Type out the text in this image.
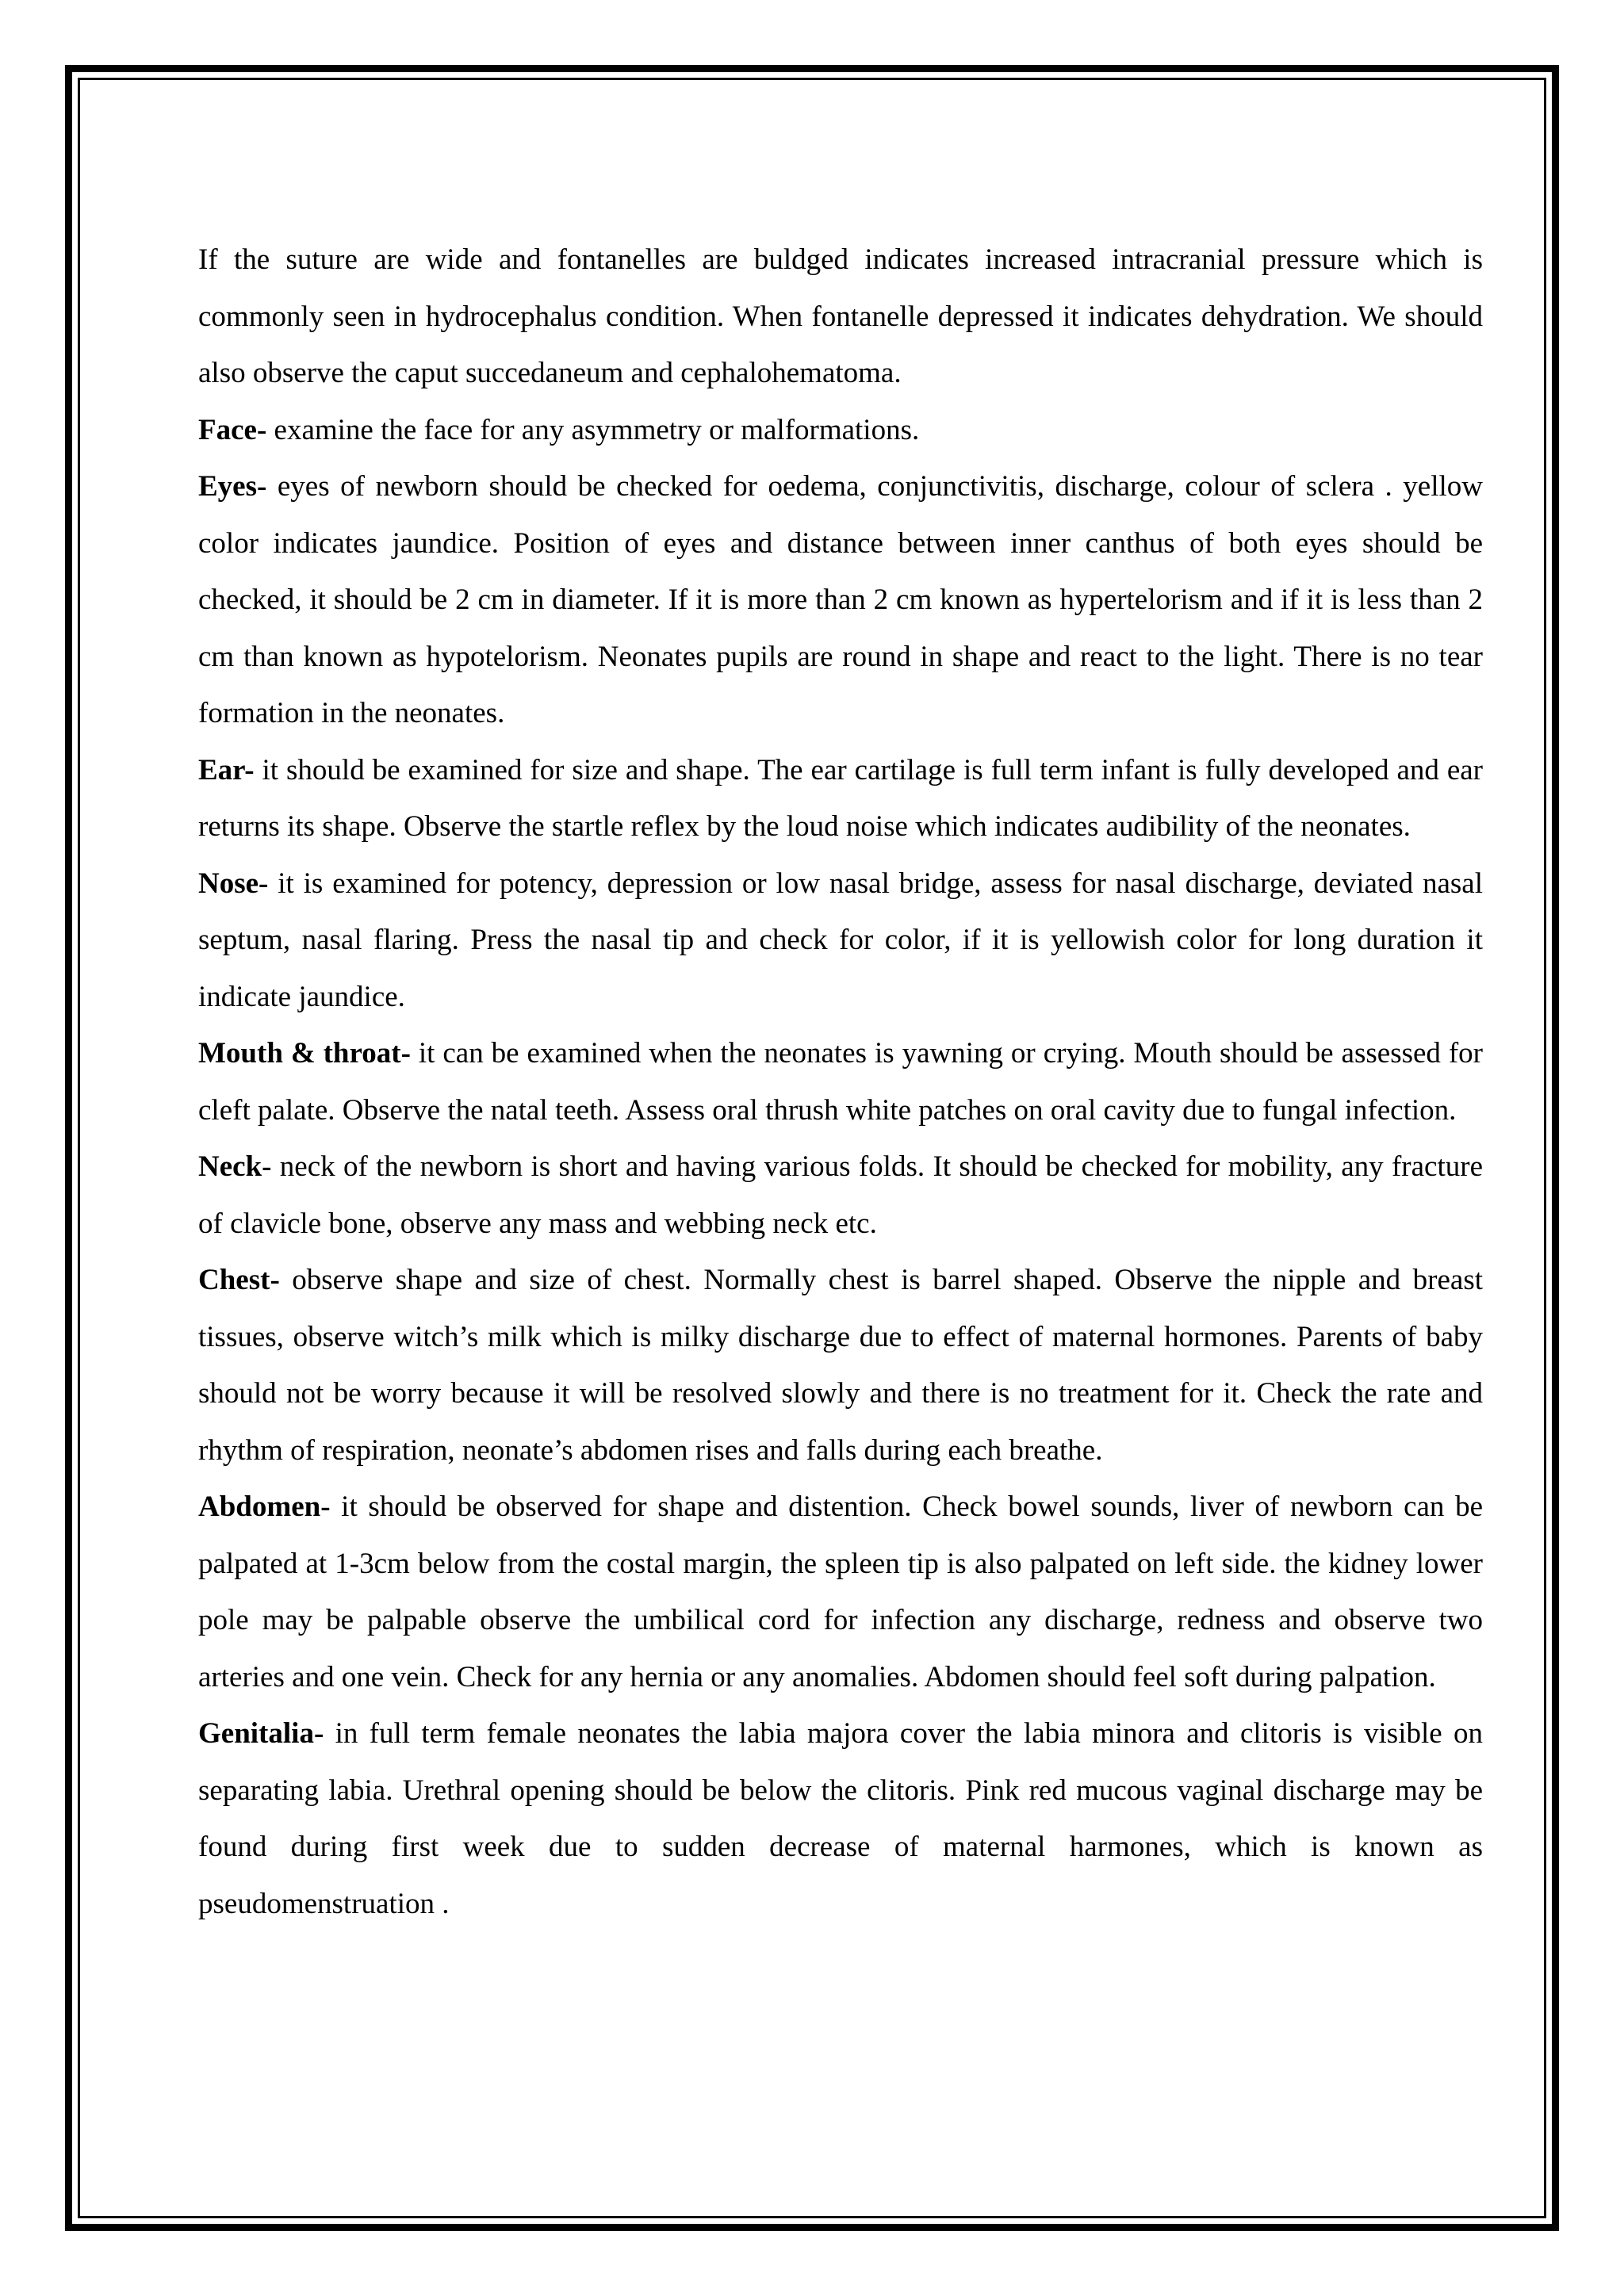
If the suture are wide and fontanelles are buldged indicates increased intracranial pressure which is commonly seen in hydrocephalus condition. When fontanelle depressed it indicates dehydration. We should also observe the caput succedaneum and cephalohematoma.

Face- examine the face for any asymmetry or malformations.

Eyes- eyes of newborn should be checked for oedema, conjunctivitis, discharge, colour of sclera . yellow color indicates jaundice. Position of eyes and distance between inner canthus of both eyes should be checked, it should be 2 cm in diameter. If it is more than 2 cm known as hypertelorism and if it is less than 2 cm than known as hypotelorism. Neonates pupils are round in shape and react to the light. There is no tear formation in the neonates.

Ear- it should be examined for size and shape. The ear cartilage is full term infant is fully developed and ear returns its shape. Observe the startle reflex by the loud noise which indicates audibility of the neonates.

Nose- it is examined for potency, depression or low nasal bridge, assess for nasal discharge, deviated nasal septum, nasal flaring. Press the nasal tip and check for color, if it is yellowish color for long duration it indicate jaundice.

Mouth & throat- it can be examined when the neonates is yawning or crying. Mouth should be assessed for cleft palate. Observe the natal teeth. Assess oral thrush white patches on oral cavity due to fungal infection.

Neck- neck of the newborn is short and having various folds. It should be checked for mobility, any fracture of clavicle bone, observe any mass and webbing neck etc.

Chest- observe shape and size of chest. Normally chest is barrel shaped. Observe the nipple and breast tissues, observe witch’s milk which is milky discharge due to effect of maternal hormones. Parents of baby should not be worry because it will be resolved slowly and there is no treatment for it. Check the rate and rhythm of respiration, neonate’s abdomen rises and falls during each breathe.

Abdomen- it should be observed for shape and distention. Check bowel sounds, liver of newborn can be palpated at 1-3cm below from the costal margin, the spleen tip is also palpated on left side. the kidney lower pole may be palpable observe the umbilical cord for infection any discharge, redness and observe two arteries and one vein. Check for any hernia or any anomalies. Abdomen should feel soft during palpation.

Genitalia- in full term female neonates the labia majora cover the labia minora and clitoris is visible on separating labia. Urethral opening should be below the clitoris. Pink red mucous vaginal discharge may be found during first week due to sudden decrease of maternal harmones, which is known as pseudomenstruation .
